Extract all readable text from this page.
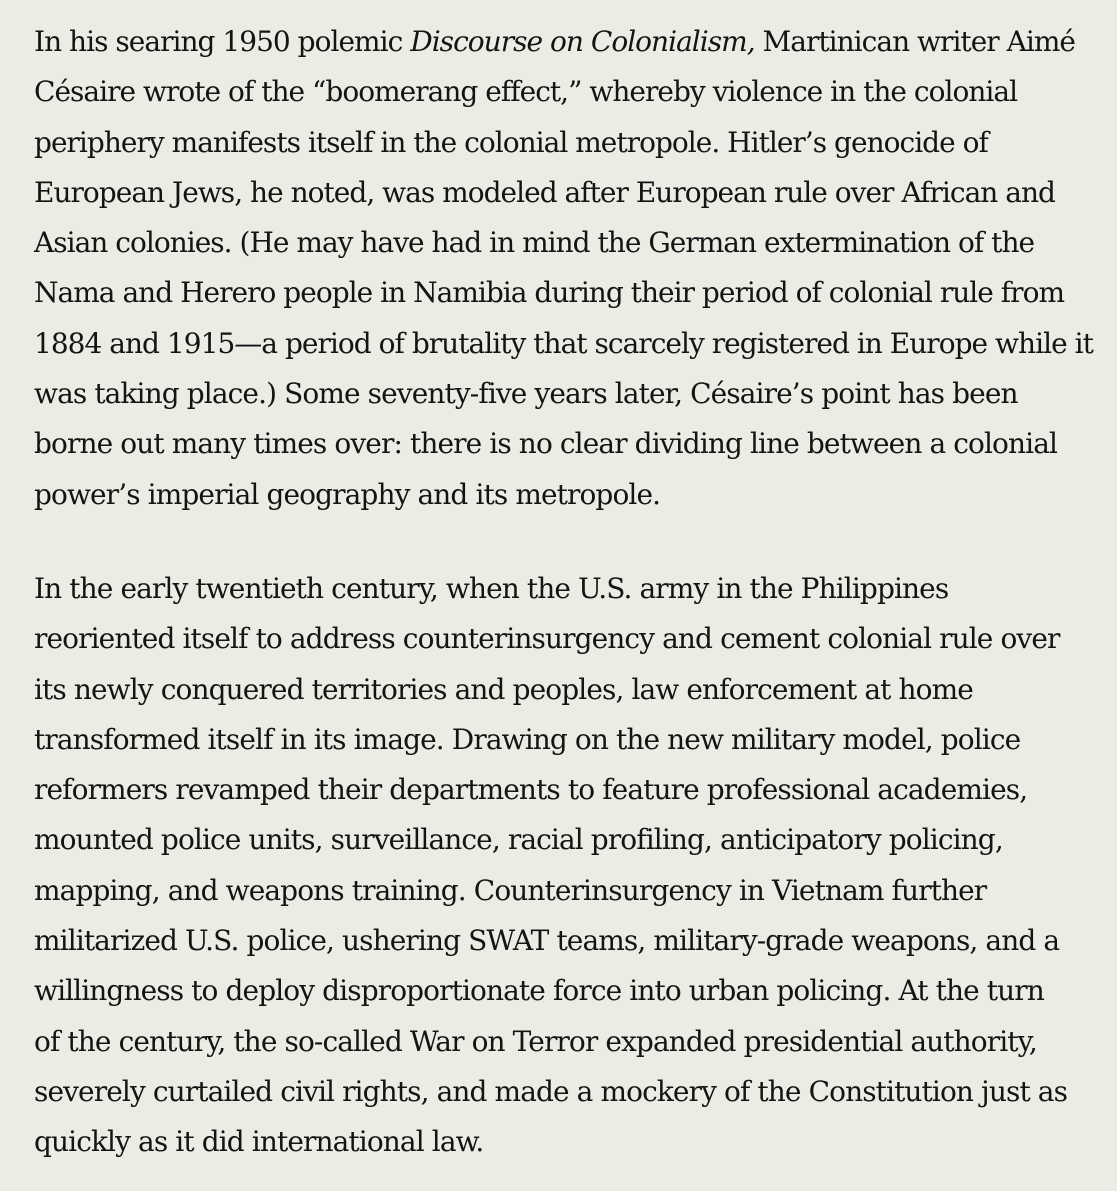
In his searing 1950 polemic Discourse on Colonialism, Martinican writer Aimé
Césaire wrote of the “boomerang effect,” whereby violence in the colonial
periphery manifests itself in the colonial metropole. Hitler’s genocide of
European Jews, he noted, was modeled after European rule over African and
Asian colonies. (He may have had in mind the German extermination of the
Nama and Herero people in Namibia during their period of colonial rule from
1884 and 1915—a period of brutality that scarcely registered in Europe while it
was taking place.) Some seventy-five years later, Césaire’s point has been
borne out many times over: there is no clear dividing line between a colonial
power’s imperial geography and its metropole.

In the early twentieth century, when the U.S. army in the Philippines
reoriented itself to address counterinsurgency and cement colonial rule over
its newly conquered territories and peoples, law enforcement at home
transformed itself in its image. Drawing on the new military model, police
reformers revamped their departments to feature professional academies,
mounted police units, surveillance, racial profiling, anticipatory policing,
mapping, and weapons training. Counterinsurgency in Vietnam further
militarized U.S. police, ushering SWAT teams, military-grade weapons, and a
willingness to deploy disproportionate force into urban policing. At the turn
of the century, the so-called War on Terror expanded presidential authority,
severely curtailed civil rights, and made a mockery of the Constitution just as
quickly as it did international law.
